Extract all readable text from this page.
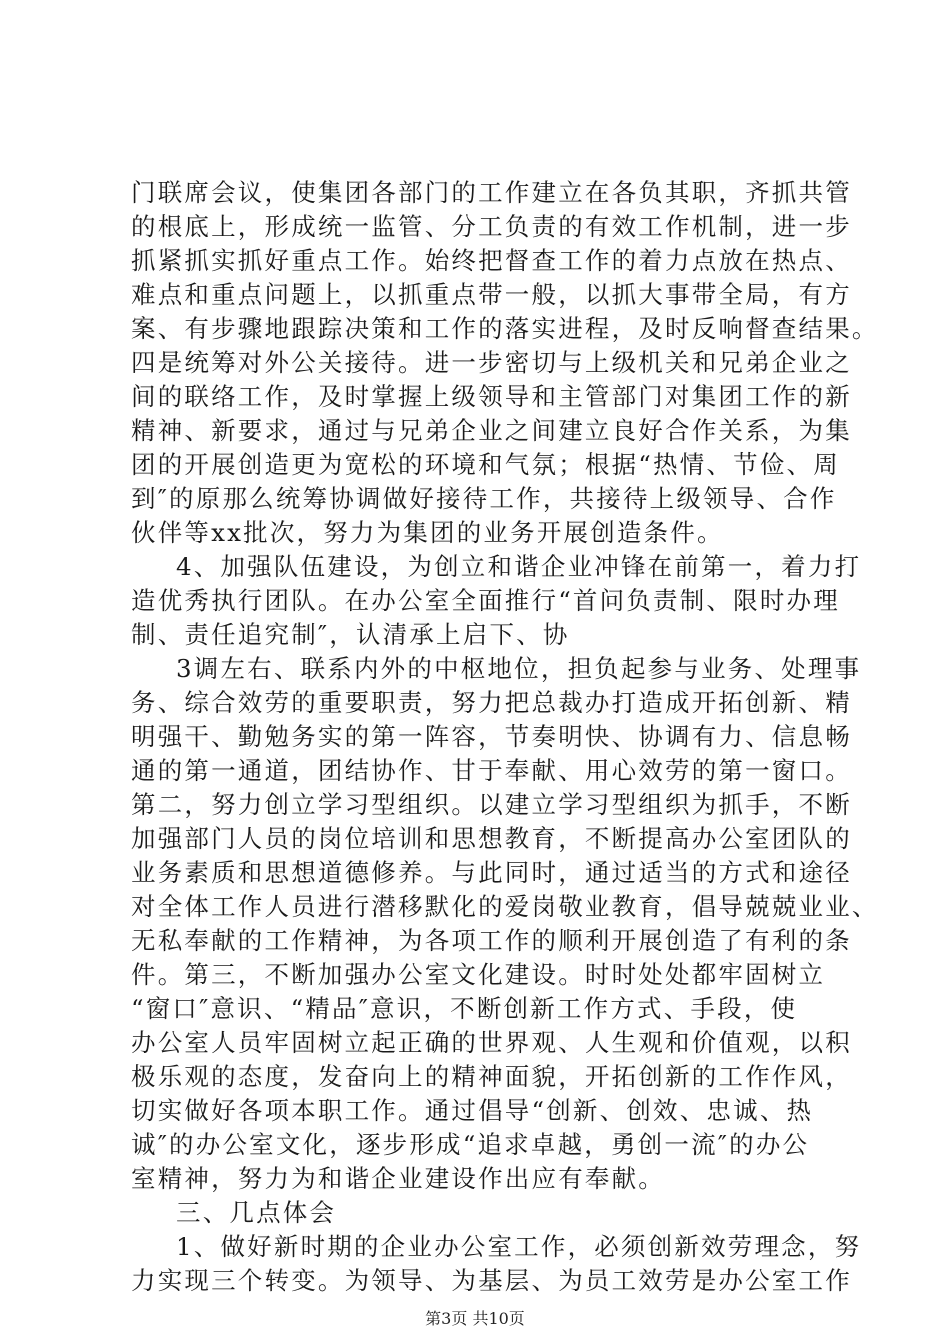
门联席会议，使集团各部门的工作建立在各负其职，齐抓共管
的根底上，形成统一监管、分工负责的有效工作机制，进一步
抓紧抓实抓好重点工作。始终把督查工作的着力点放在热点、
难点和重点问题上，以抓重点带一般，以抓大事带全局，有方
案、有步骤地跟踪决策和工作的落实进程，及时反响督查结果。
四是统筹对外公关接待。进一步密切与上级机关和兄弟企业之
间的联络工作，及时掌握上级领导和主管部门对集团工作的新
精神、新要求，通过与兄弟企业之间建立良好合作关系，为集
团的开展创造更为宽松的环境和气氛；根据“热情、节俭、周
到″的原那么统筹协调做好接待工作，共接待上级领导、合作
伙伴等xx批次，努力为集团的业务开展创造条件。
4、加强队伍建设，为创立和谐企业冲锋在前第一，着力打
造优秀执行团队。在办公室全面推行“首问负责制、限时办理
制、责任追究制″，认清承上启下、协
3调左右、联系内外的中枢地位，担负起参与业务、处理事
务、综合效劳的重要职责，努力把总裁办打造成开拓创新、精
明强干、勤勉务实的第一阵容，节奏明快、协调有力、信息畅
通的第一通道，团结协作、甘于奉献、用心效劳的第一窗口。
第二，努力创立学习型组织。以建立学习型组织为抓手，不断
加强部门人员的岗位培训和思想教育，不断提高办公室团队的
业务素质和思想道德修养。与此同时，通过适当的方式和途径
对全体工作人员进行潜移默化的爱岗敬业教育，倡导兢兢业业、
无私奉献的工作精神，为各项工作的顺利开展创造了有利的条
件。第三，不断加强办公室文化建设。时时处处都牢固树立
“窗口″意识、“精品″意识，不断创新工作方式、手段，使
办公室人员牢固树立起正确的世界观、人生观和价值观，以积
极乐观的态度，发奋向上的精神面貌，开拓创新的工作作风，
切实做好各项本职工作。通过倡导“创新、创效、忠诚、热
诚″的办公室文化，逐步形成“追求卓越，勇创一流″的办公
室精神，努力为和谐企业建设作出应有奉献。
三、几点体会
1、做好新时期的企业办公室工作，必须创新效劳理念，努
力实现三个转变。为领导、为基层、为员工效劳是办公室工作
第3页 共10页
